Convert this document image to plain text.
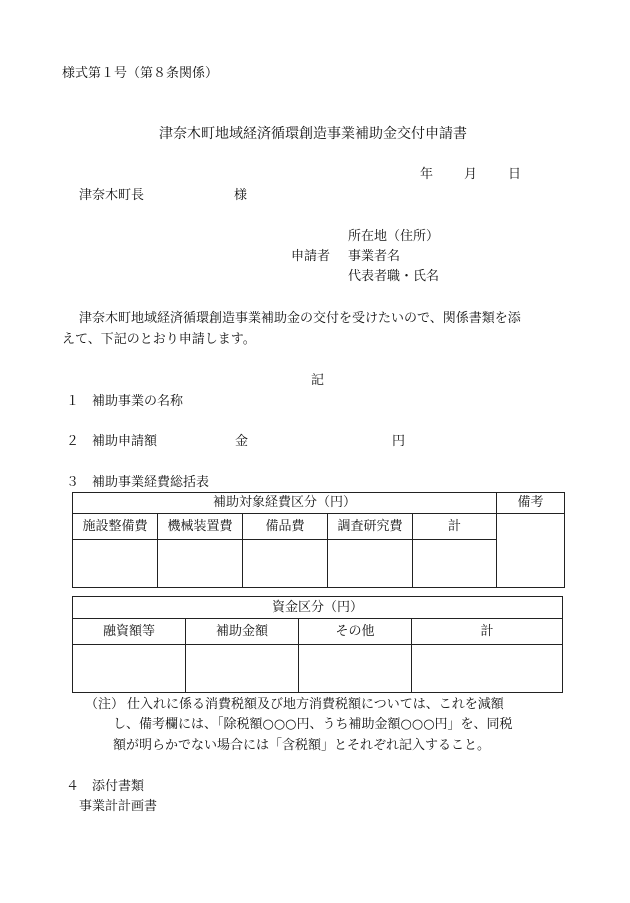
様式第１号（第８条関係）
津奈木町地域経済循環創造事業補助金交付申請書
年 月 日
津奈木町長	様
所在地（住所）
申請者 事業者名
代表者職・氏名
津奈木町地域経済循環創造事業補助金の交付を受けたいので、関係書類を添
えて、下記のとおり申請します。
記
１ 補助事業の名称
２ 補助申請額	金	円
３ 補助事業経費総括表
補助対象経費区分（円）					備考
施設整備費	機械装置費	備品費	調査研究費	計	

資金区分（円）			
融資額等	補助金額	その他	計

（注） 仕入れに係る消費税額及び地方消費税額については、これを減額
し、備考欄には、「除税額○○○円、うち補助金額○○○円」を、同税
額が明らかでない場合には「含税額」とそれぞれ記入すること。
４ 添付書類
事業計計画書
